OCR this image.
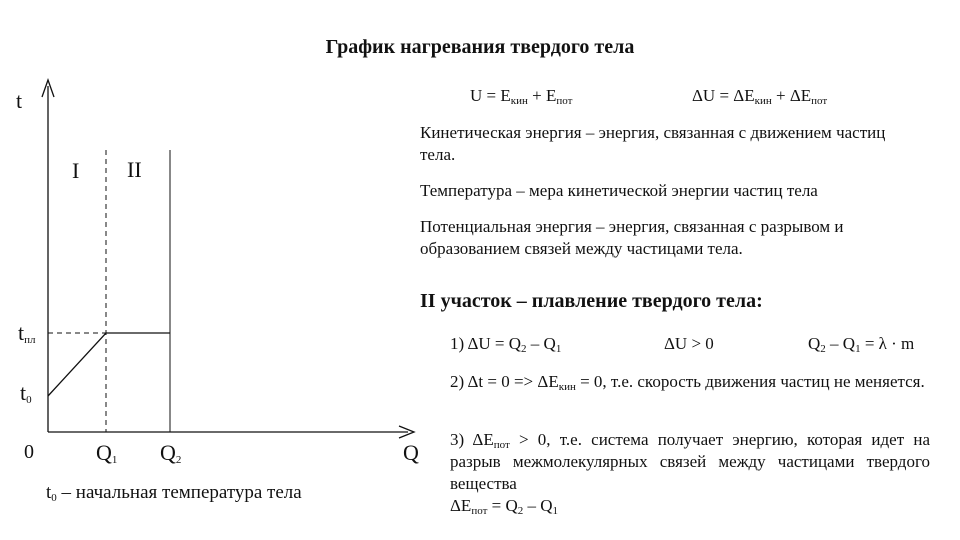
График нагревания твердого тела
t
Q
0
$t_{пл}$
$t_0$
$Q_1$ $Q_2$
I II
$t_0$ – начальная температура тела
$U = E_{кин} + E_{пот}$	$\Delta U = \Delta E_{кин} + \Delta E_{пот}$
Кинетическая энергия – энергия, связанная с движением частиц тела.
Температура – мера кинетической энергии частиц тела
Потенциальная энергия – энергия, связанная с разрывом и образованием связей между частицами тела.
II участок – плавление твердого тела:
1) $\Delta U = Q_2 - Q_1$	ΔU > 0	$Q_2 - Q_1 = \lambda \cdot m$
2) $\Delta t = 0 => \Delta E_{кин} = 0$, т.е. скорость движения частиц не меняется.
3) $\Delta E_{пот} > 0$, т.е. система получает энергию, которая идет на разрыв межмолекулярных связей между частицами твердого вещества
$\Delta E_{пот} = Q_2 - Q_1$
